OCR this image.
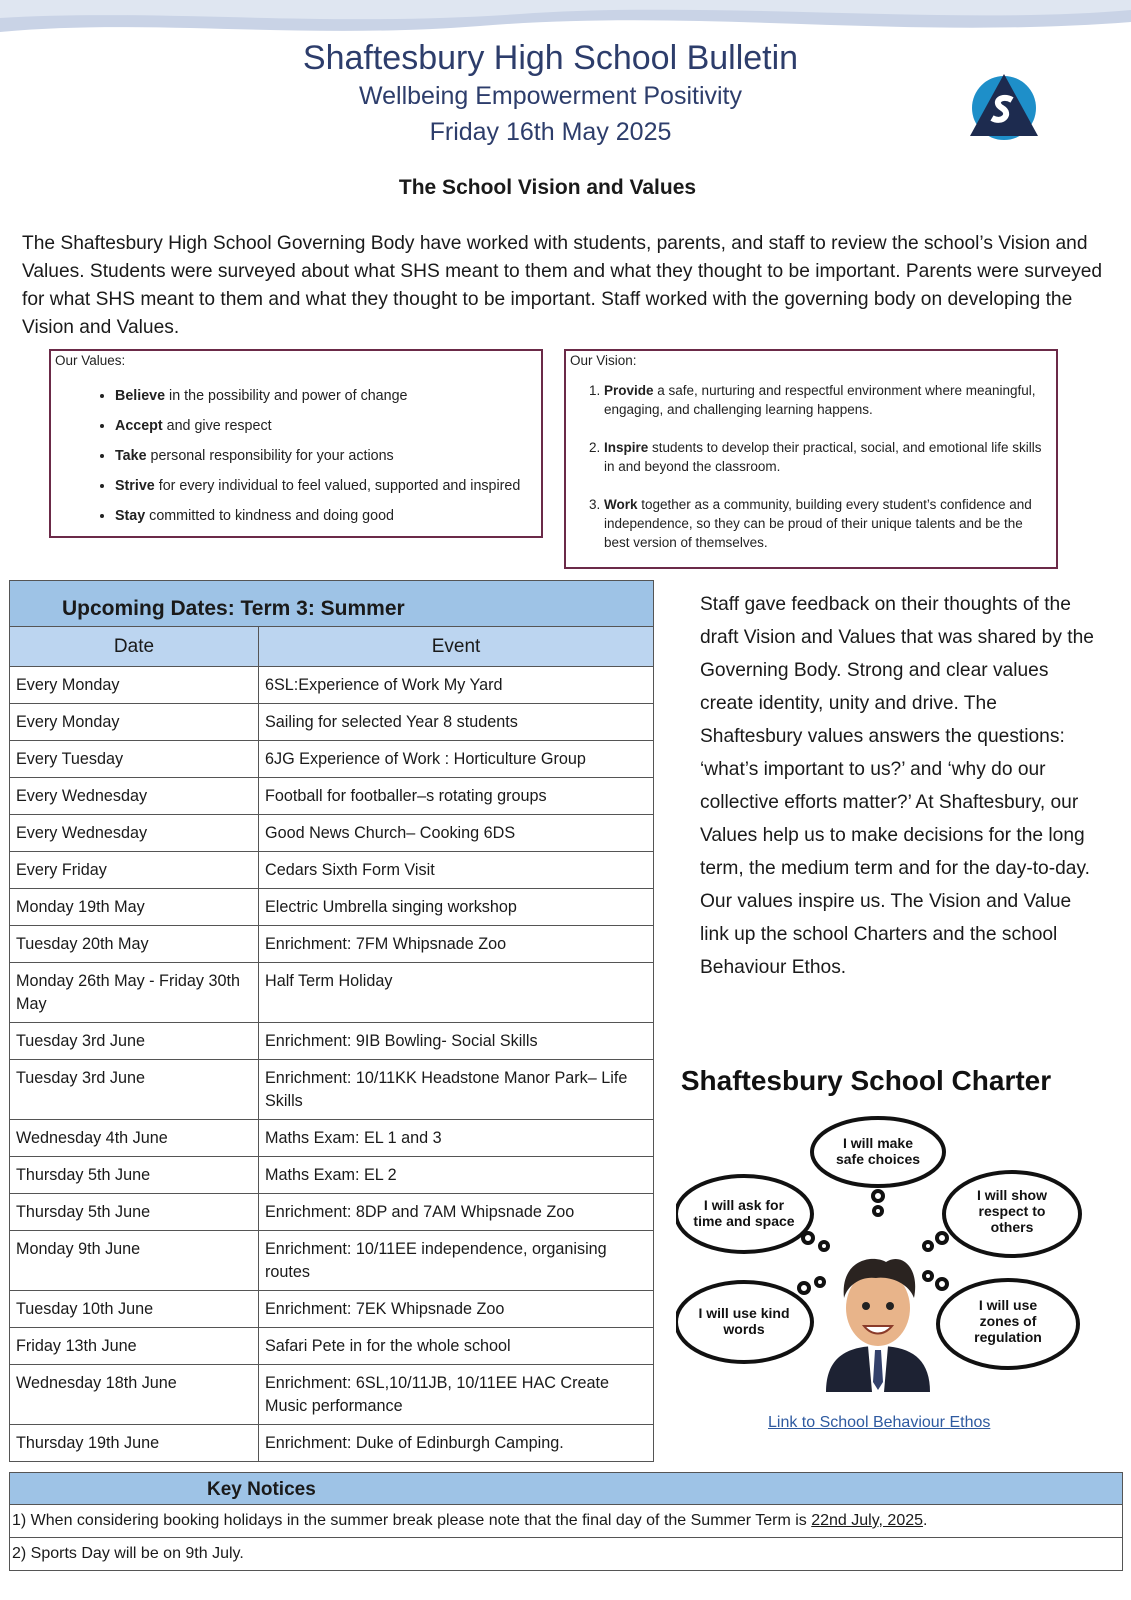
Shaftesbury High School Bulletin
Wellbeing Empowerment Positivity
Friday 16th May 2025
The School Vision and Values
The Shaftesbury High School Governing Body have worked with students, parents, and staff to review the school’s Vision and Values. Students were surveyed about what SHS meant to them and what they thought to be important. Parents were surveyed for what SHS meant to them and what they thought to be important. Staff worked with the governing body on developing the Vision and Values.
Our Values:
• Believe in the possibility and power of change
• Accept and give respect
• Take personal responsibility for your actions
• Strive for every individual to feel valued, supported and inspired
• Stay committed to kindness and doing good
Our Vision:
1. Provide a safe, nurturing and respectful environment where meaningful, engaging, and challenging learning happens.
2. Inspire students to develop their practical, social, and emotional life skills in and beyond the classroom.
3. Work together as a community, building every student’s confidence and independence, so they can be proud of their unique talents and be the best version of themselves.
Upcoming Dates: Term 3: Summer	
Date	Event
Every Monday	6SL:Experience of Work My Yard
Every Monday	Sailing for selected Year 8 students
Every Tuesday	6JG Experience of Work : Horticulture Group
Every Wednesday	Football for footballer–s rotating groups
Every Wednesday	Good News Church– Cooking 6DS
Every Friday	Cedars Sixth Form Visit
Monday 19th May	Electric Umbrella singing workshop
Tuesday 20th May	Enrichment: 7FM Whipsnade Zoo
Monday 26th May - Friday 30th May	Half Term Holiday
Tuesday 3rd June	Enrichment: 9IB Bowling- Social Skills
Tuesday 3rd June	Enrichment: 10/11KK Headstone Manor Park– Life Skills
Wednesday 4th June	Maths Exam: EL 1 and 3
Thursday 5th June	Maths Exam: EL 2
Thursday 5th June	Enrichment: 8DP and 7AM Whipsnade Zoo
Monday 9th June	Enrichment: 10/11EE independence, organising routes
Tuesday 10th June	Enrichment: 7EK Whipsnade Zoo
Friday 13th June	Safari Pete in for the whole school
Wednesday 18th June	Enrichment: 6SL,10/11JB, 10/11EE HAC Create Music performance
Thursday 19th June	Enrichment: Duke of Edinburgh Camping.
Staff gave feedback on their thoughts of the draft Vision and Values that was shared by the Governing Body. Strong and clear values create identity, unity and drive. The Shaftesbury values answers the questions: ‘what’s important to us?’ and ‘why do our collective efforts matter?’ At Shaftesbury, our Values help us to make decisions for the long term, the medium term and for the day-to-day. Our values inspire us. The Vision and Value link up the school Charters and the school Behaviour Ethos.
Shaftesbury School Charter
I will make
safe choices
I will ask for
time and space
I will show
respect to
others
I will use kind
words
I will use
zones of
regulation
Link to School Behaviour Ethos
Key Notices
1) When considering booking holidays in the summer break please note that the final day of the Summer Term is 22nd July, 2025.
2) Sports Day will be on 9th July.
